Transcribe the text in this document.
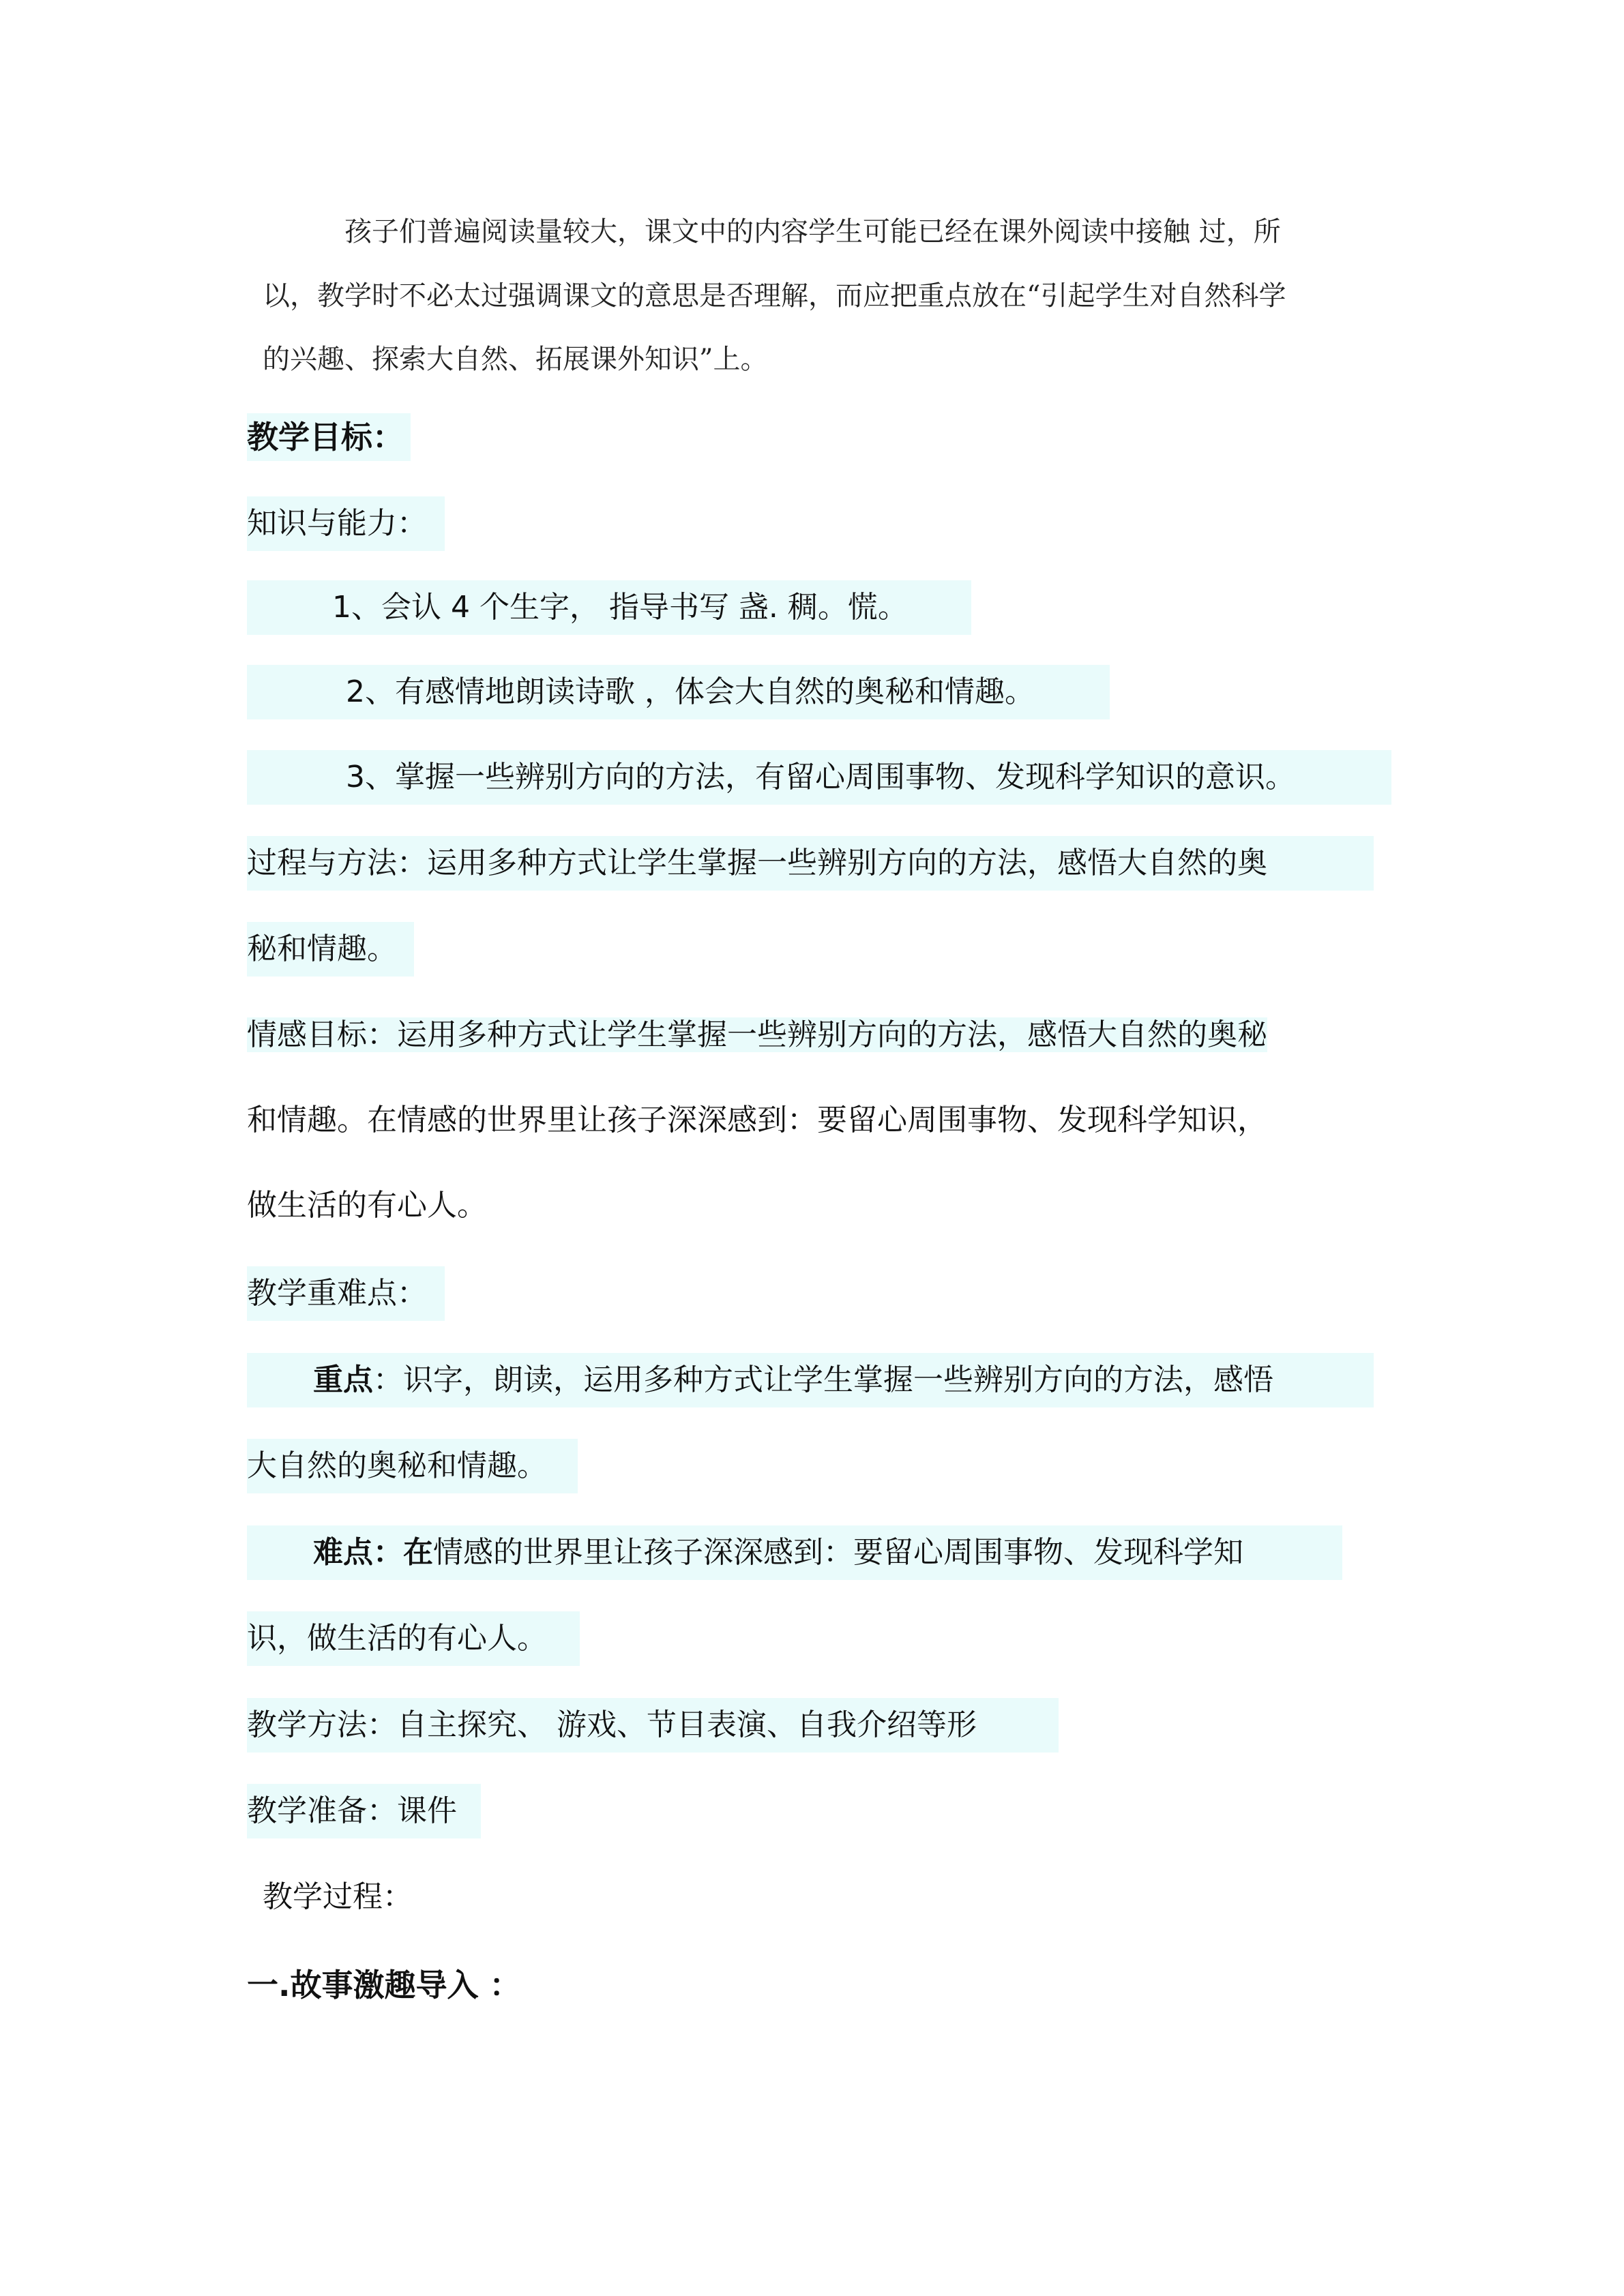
孩子们普遍阅读量较大，课文中的内容学生可能已经在课外阅读中接触 过，所
以，教学时不必太过强调课文的意思是否理解，而应把重点放在“引起学生对自然科学
的兴趣、探索大自然、拓展课外知识”上。
教学目标：
知识与能力：
1、会认 4 个生字， 指导书写 盏. 稠。慌。
2、有感情地朗读诗歌 ，体会大自然的奥秘和情趣。
3、掌握一些辨别方向的方法，有留心周围事物、发现科学知识的意识。
过程与方法：运用多种方式让学生掌握一些辨别方向的方法，感悟大自然的奥
秘和情趣。
情感目标：运用多种方式让学生掌握一些辨别方向的方法，感悟大自然的奥秘
和情趣。在情感的世界里让孩子深深感到：要留心周围事物、发现科学知识，
做生活的有心人。
教学重难点：
重点：识字，朗读，运用多种方式让学生掌握一些辨别方向的方法，感悟
大自然的奥秘和情趣。
难点：在情感的世界里让孩子深深感到：要留心周围事物、发现科学知
识，做生活的有心人。
教学方法：自主探究、 游戏、节目表演、自我介绍等形
教学准备：课件
教学过程：
一.故事激趣导入 ：
